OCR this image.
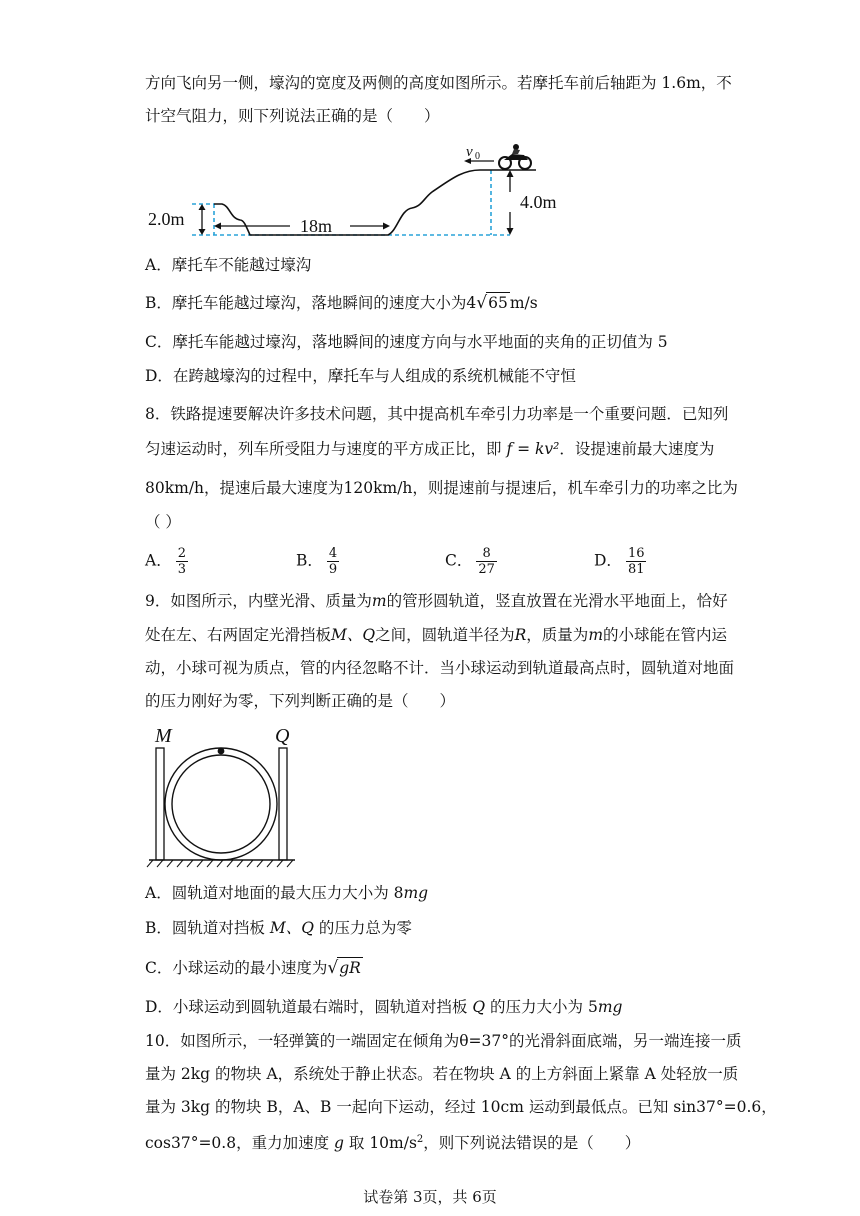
方向飞向另一侧，壕沟的宽度及两侧的高度如图所示。若摩托车前后轴距为 1.6m，不
计空气阻力，则下列说法正确的是（　　）
2.0m	18m
4.0m
v 0
A．摩托车不能越过壕沟
B．摩托车能越过壕沟，落地瞬间的速度大小为4√65 m/s
C．摩托车能越过壕沟，落地瞬间的速度方向与水平地面的夹角的正切值为 5
D．在跨越壕沟的过程中，摩托车与人组成的系统机械能不守恒
8．铁路提速要解决许多技术问题，其中提高机车牵引力功率是一个重要问题．已知列
匀速运动时，列车所受阻力与速度的平方成正比，即 f = kv²．设提速前最大速度为
80km/h，提速后最大速度为120km/h，则提速前与提速后，机车牵引力的功率之比为
（ ）
A． $\frac{2}{3}$	B． $\frac{4}{9}$	C． $\frac{8}{27}$	D． $\frac{16}{81}$
9．如图所示，内壁光滑、质量为m的管形圆轨道，竖直放置在光滑水平地面上，恰好
处在左、右两固定光滑挡板M、Q之间，圆轨道半径为R，质量为m的小球能在管内运
动，小球可视为质点，管的内径忽略不计．当小球运动到轨道最高点时，圆轨道对地面
的压力刚好为零，下列判断正确的是（　　）
M	Q
A．圆轨道对地面的最大压力大小为 8mg
B．圆轨道对挡板 M、Q 的压力总为零
C．小球运动的最小速度为√gR
D．小球运动到圆轨道最右端时，圆轨道对挡板 Q 的压力大小为 5mg
10．如图所示，一轻弹簧的一端固定在倾角为θ=37°的光滑斜面底端，另一端连接一质
量为 2kg 的物块 A，系统处于静止状态。若在物块 A 的上方斜面上紧靠 A 处轻放一质
量为 3kg 的物块 B，A、B 一起向下运动，经过 10cm 运动到最低点。已知 sin37°=0.6，
cos37°=0.8，重力加速度 g 取 $10m/s^2$，则下列说法错误的是（　　）
试卷第 3页，共 6页
